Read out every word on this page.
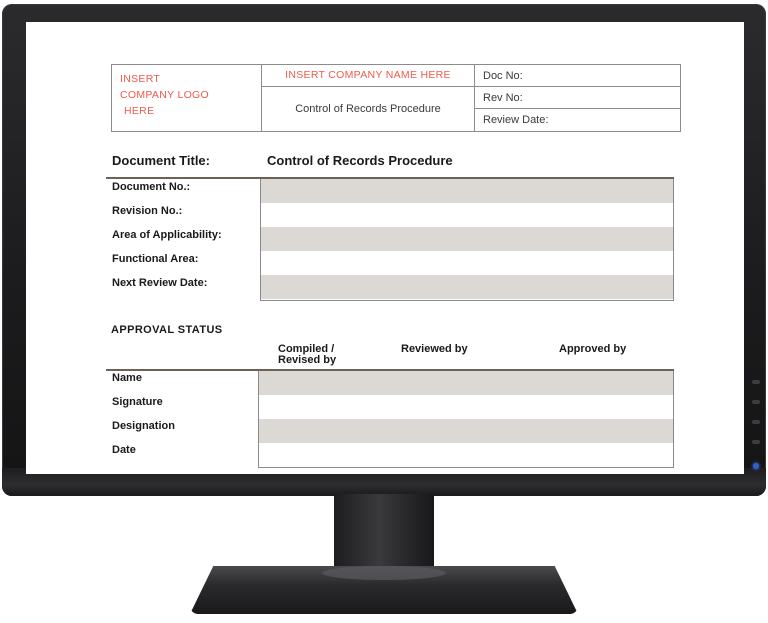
INSERT
COMPANY LOGO
HERE
INSERT COMPANY NAME HERE
Control of Records Procedure
Doc No:
Rev No:
Review Date:
Document Title:	Control of Records Procedure
Document No.:
Revision No.:
Area of Applicability:
Functional Area:
Next Review Date:
APPROVAL STATUS
Compiled /
Revised by
Reviewed by	Approved by
Name
Signature
Designation
Date
